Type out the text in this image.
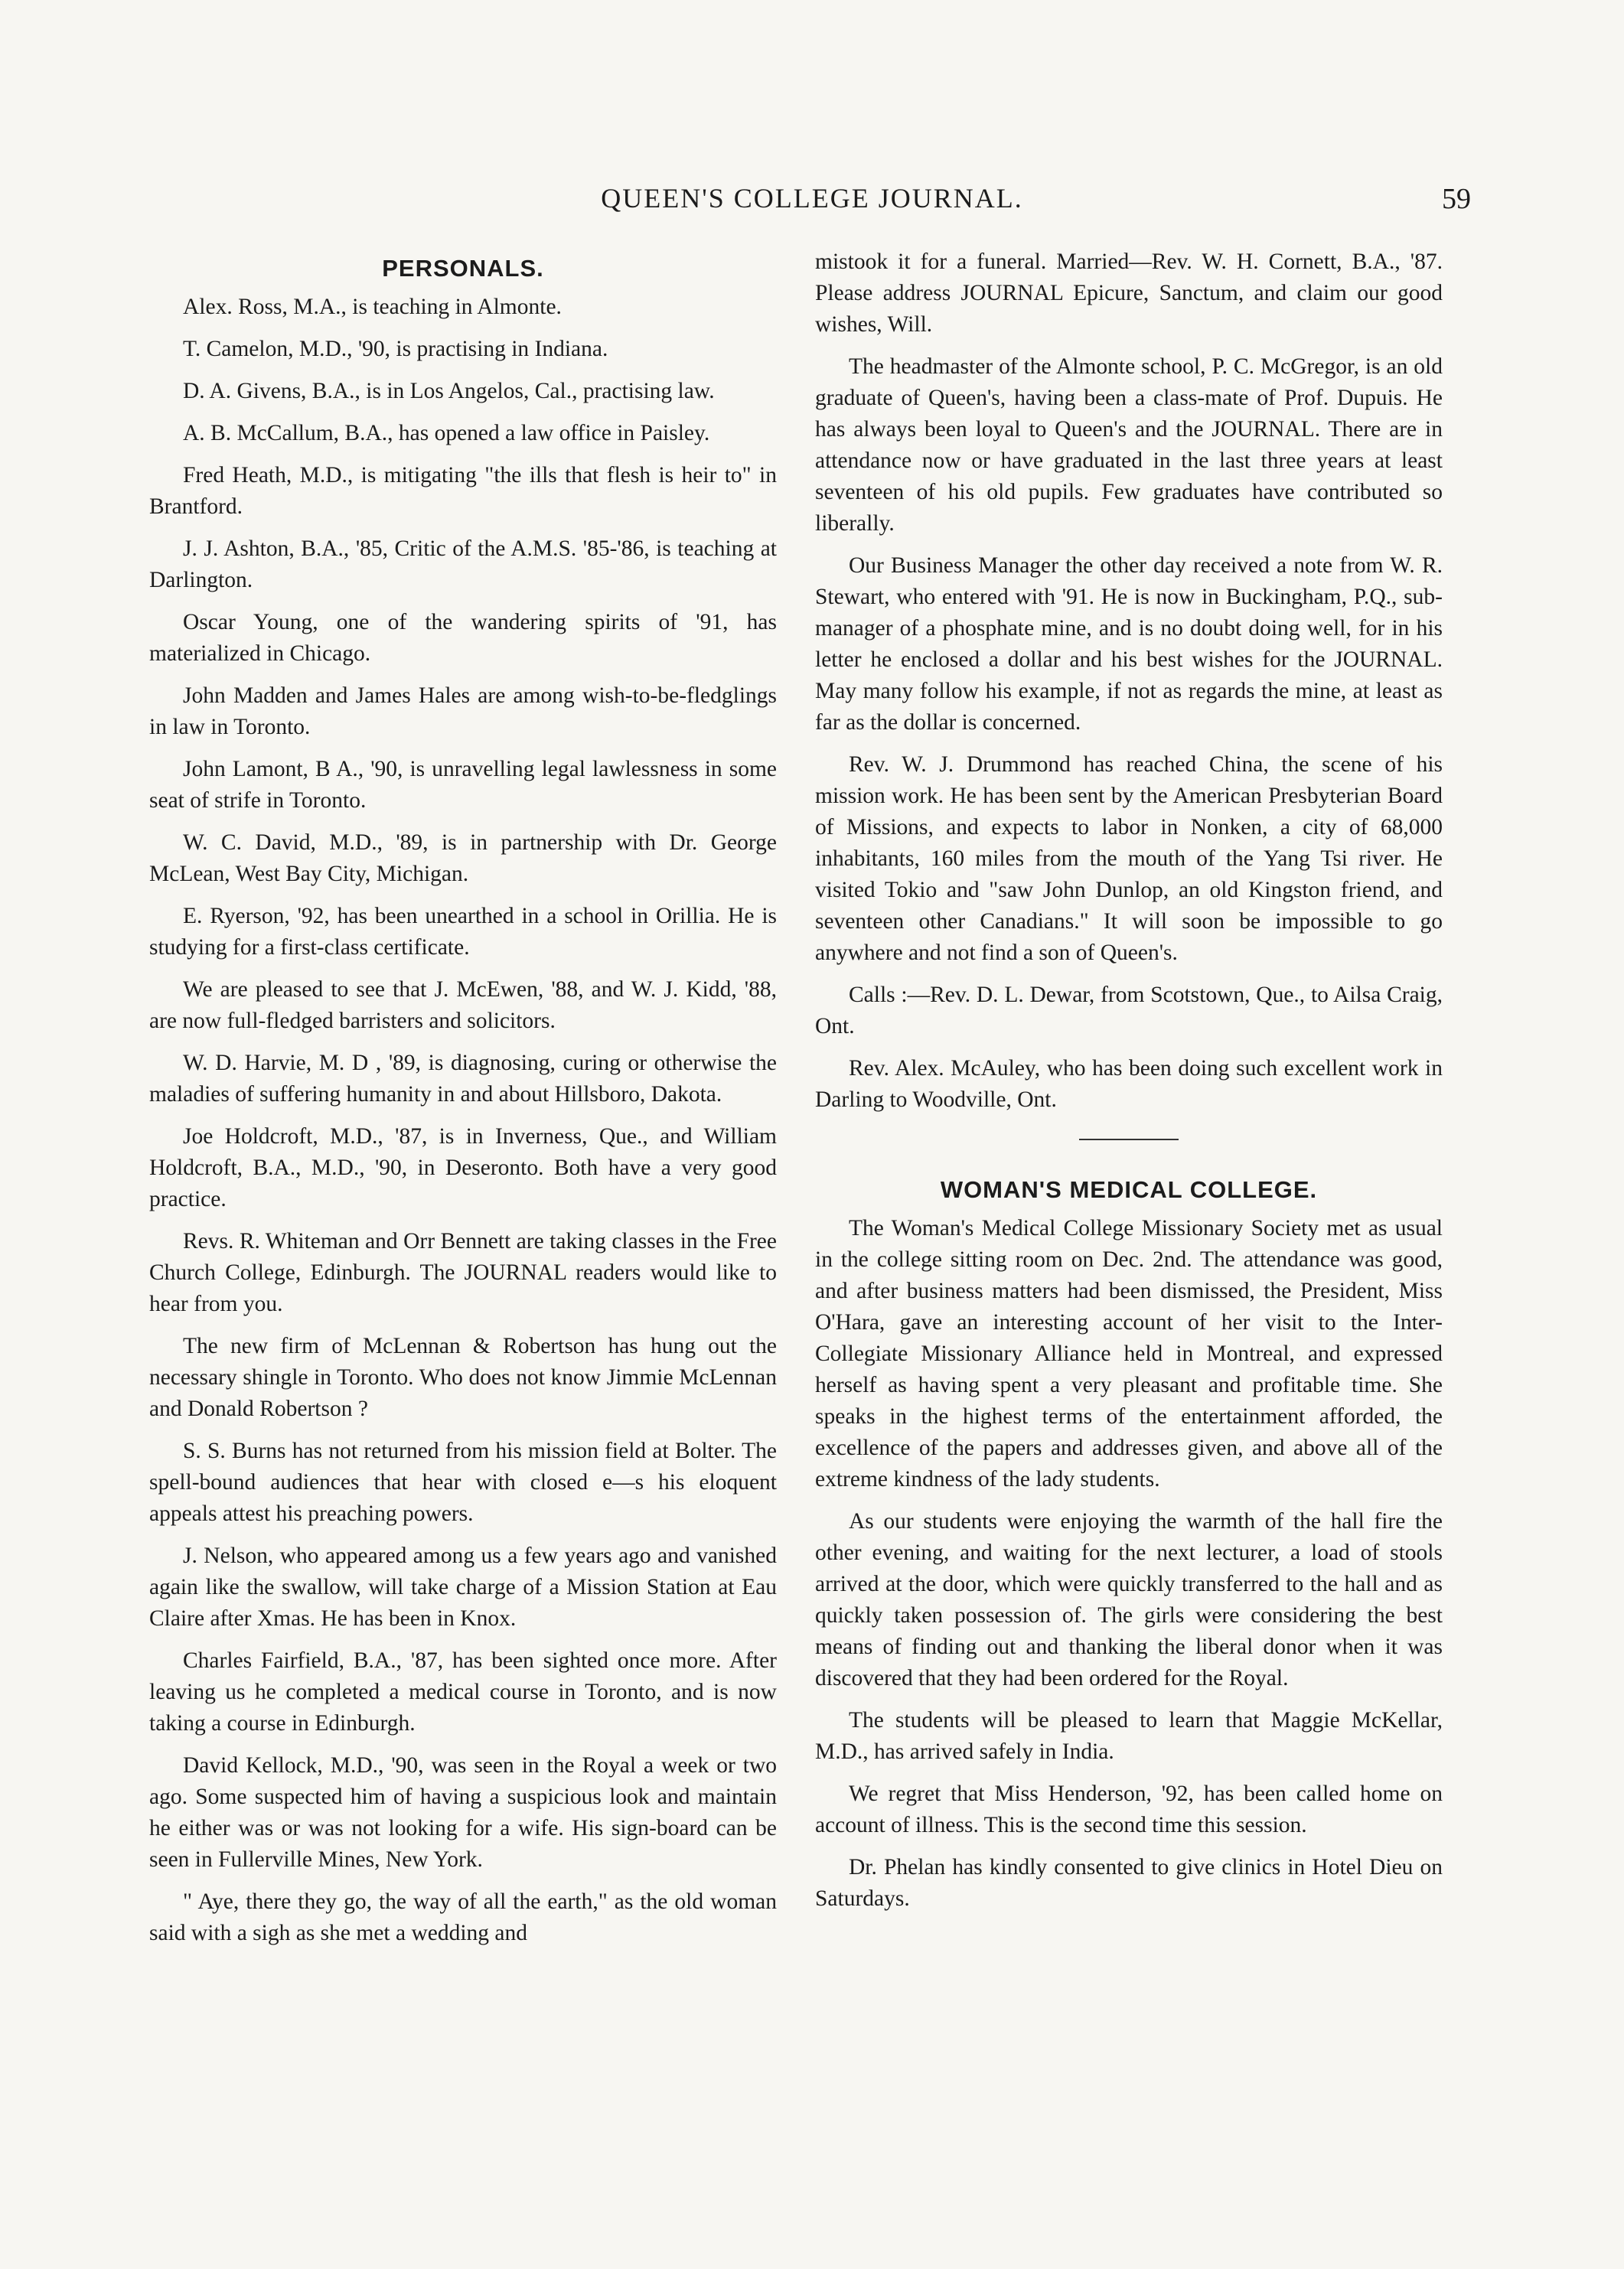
QUEEN'S COLLEGE JOURNAL.	59
PERSONALS.

Alex. Ross, M.A., is teaching in Almonte.

T. Camelon, M.D., '90, is practising in Indiana.

D. A. Givens, B.A., is in Los Angelos, Cal., practising law.

A. B. McCallum, B.A., has opened a law office in Paisley.

Fred Heath, M.D., is mitigating "the ills that flesh is heir to" in Brantford.

J. J. Ashton, B.A., '85, Critic of the A.M.S. '85-'86, is teaching at Darlington.

Oscar Young, one of the wandering spirits of '91, has materialized in Chicago.

John Madden and James Hales are among wish-to-be-fledglings in law in Toronto.

John Lamont, B A., '90, is unravelling legal lawlessness in some seat of strife in Toronto.

W. C. David, M.D., '89, is in partnership with Dr. George McLean, West Bay City, Michigan.

E. Ryerson, '92, has been unearthed in a school in Orillia. He is studying for a first-class certificate.

We are pleased to see that J. McEwen, '88, and W. J. Kidd, '88, are now full-fledged barristers and solicitors.

W. D. Harvie, M. D , '89, is diagnosing, curing or otherwise the maladies of suffering humanity in and about Hillsboro, Dakota.

Joe Holdcroft, M.D., '87, is in Inverness, Que., and William Holdcroft, B.A., M.D., '90, in Deseronto. Both have a very good practice.

Revs. R. Whiteman and Orr Bennett are taking classes in the Free Church College, Edinburgh. The JOURNAL readers would like to hear from you.

The new firm of McLennan & Robertson has hung out the necessary shingle in Toronto. Who does not know Jimmie McLennan and Donald Robertson ?

S. S. Burns has not returned from his mission field at Bolter. The spell-bound audiences that hear with closed e—s his eloquent appeals attest his preaching powers.

J. Nelson, who appeared among us a few years ago and vanished again like the swallow, will take charge of a Mission Station at Eau Claire after Xmas. He has been in Knox.

Charles Fairfield, B.A., '87, has been sighted once more. After leaving us he completed a medical course in Toronto, and is now taking a course in Edinburgh.

David Kellock, M.D., '90, was seen in the Royal a week or two ago. Some suspected him of having a suspicious look and maintain he either was or was not looking for a wife. His sign-board can be seen in Fullerville Mines, New York.

" Aye, there they go, the way of all the earth," as the old woman said with a sigh as she met a wedding and

mistook it for a funeral. Married—Rev. W. H. Cornett, B.A., '87. Please address JOURNAL Epicure, Sanctum, and claim our good wishes, Will.

The headmaster of the Almonte school, P. C. McGregor, is an old graduate of Queen's, having been a class-mate of Prof. Dupuis. He has always been loyal to Queen's and the JOURNAL. There are in attendance now or have graduated in the last three years at least seventeen of his old pupils. Few graduates have contributed so liberally.

Our Business Manager the other day received a note from W. R. Stewart, who entered with '91. He is now in Buckingham, P.Q., sub-manager of a phosphate mine, and is no doubt doing well, for in his letter he enclosed a dollar and his best wishes for the JOURNAL. May many follow his example, if not as regards the mine, at least as far as the dollar is concerned.

Rev. W. J. Drummond has reached China, the scene of his mission work. He has been sent by the American Presbyterian Board of Missions, and expects to labor in Nonken, a city of 68,000 inhabitants, 160 miles from the mouth of the Yang Tsi river. He visited Tokio and "saw John Dunlop, an old Kingston friend, and seventeen other Canadians." It will soon be impossible to go anywhere and not find a son of Queen's.

Calls :—Rev. D. L. Dewar, from Scotstown, Que., to Ailsa Craig, Ont.

Rev. Alex. McAuley, who has been doing such excellent work in Darling to Woodville, Ont.

WOMAN'S MEDICAL COLLEGE.

The Woman's Medical College Missionary Society met as usual in the college sitting room on Dec. 2nd. The attendance was good, and after business matters had been dismissed, the President, Miss O'Hara, gave an interesting account of her visit to the Inter-Collegiate Missionary Alliance held in Montreal, and expressed herself as having spent a very pleasant and profitable time. She speaks in the highest terms of the entertainment afforded, the excellence of the papers and addresses given, and above all of the extreme kindness of the lady students.

As our students were enjoying the warmth of the hall fire the other evening, and waiting for the next lecturer, a load of stools arrived at the door, which were quickly transferred to the hall and as quickly taken possession of. The girls were considering the best means of finding out and thanking the liberal donor when it was discovered that they had been ordered for the Royal.

The students will be pleased to learn that Maggie McKellar, M.D., has arrived safely in India.

We regret that Miss Henderson, '92, has been called home on account of illness. This is the second time this session.

Dr. Phelan has kindly consented to give clinics in Hotel Dieu on Saturdays.
